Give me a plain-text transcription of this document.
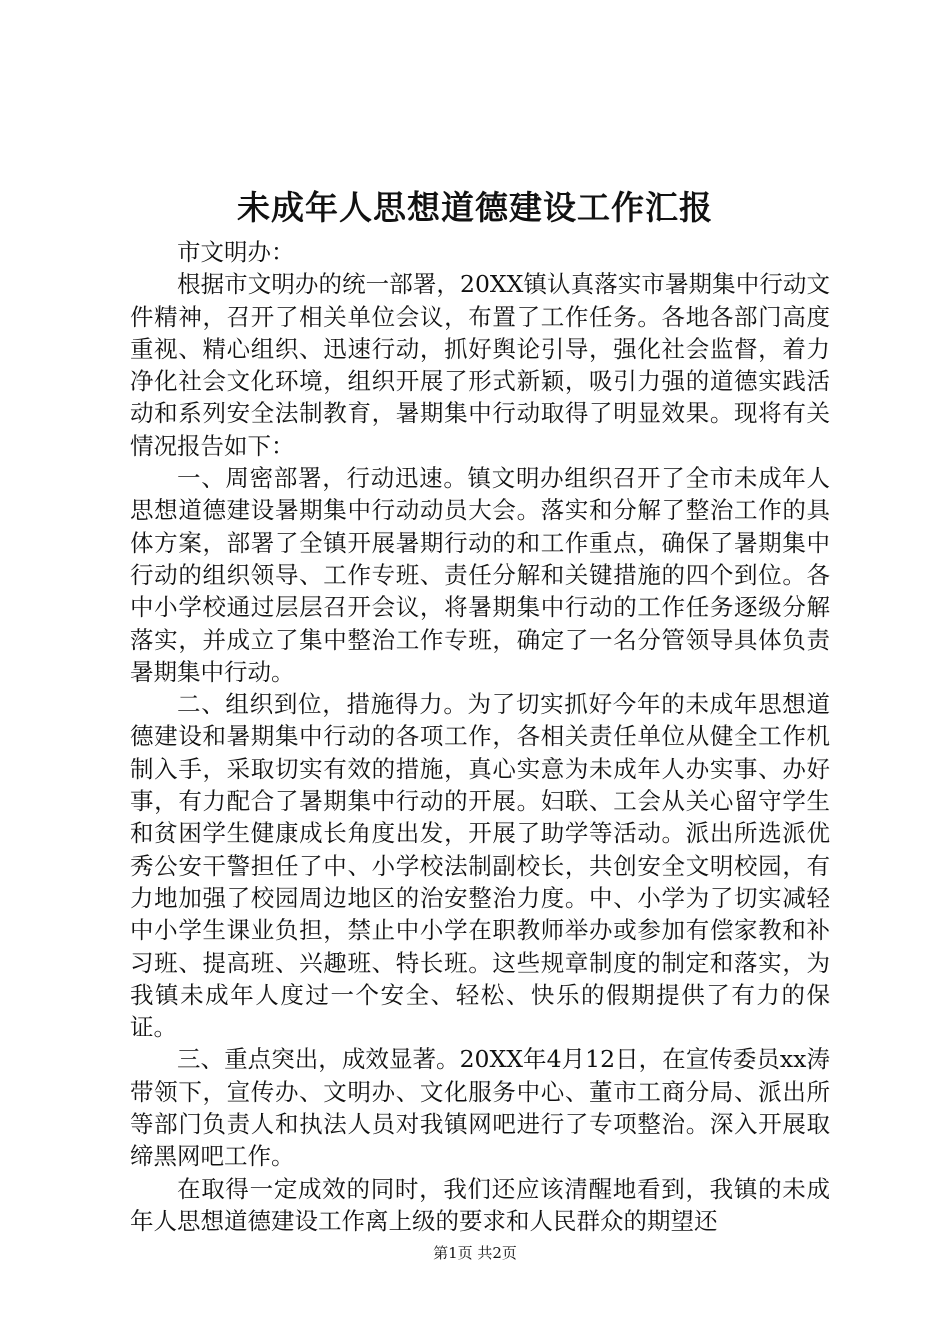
未成年人思想道德建设工作汇报

市文明办：

根据市文明办的统一部署，20XX镇认真落实市暑期集中行动文件精神，召开了相关单位会议，布置了工作任务。各地各部门高度重视、精心组织、迅速行动，抓好舆论引导，强化社会监督，着力净化社会文化环境，组织开展了形式新颖，吸引力强的道德实践活动和系列安全法制教育，暑期集中行动取得了明显效果。现将有关情况报告如下：

一、周密部署，行动迅速。镇文明办组织召开了全市未成年人思想道德建设暑期集中行动动员大会。落实和分解了整治工作的具体方案，部署了全镇开展暑期行动的和工作重点，确保了暑期集中行动的组织领导、工作专班、责任分解和关键措施的四个到位。各中小学校通过层层召开会议，将暑期集中行动的工作任务逐级分解落实，并成立了集中整治工作专班，确定了一名分管领导具体负责暑期集中行动。

二、组织到位，措施得力。为了切实抓好今年的未成年思想道德建设和暑期集中行动的各项工作，各相关责任单位从健全工作机制入手，采取切实有效的措施，真心实意为未成年人办实事、办好事，有力配合了暑期集中行动的开展。妇联、工会从关心留守学生和贫困学生健康成长角度出发，开展了助学等活动。派出所选派优秀公安干警担任了中、小学校法制副校长，共创安全文明校园，有力地加强了校园周边地区的治安整治力度。中、小学为了切实减轻中小学生课业负担，禁止中小学在职教师举办或参加有偿家教和补习班、提高班、兴趣班、特长班。这些规章制度的制定和落实，为我镇未成年人度过一个安全、轻松、快乐的假期提供了有力的保证。

三、重点突出，成效显著。20XX年4月12日，在宣传委员xx涛带领下，宣传办、文明办、文化服务中心、董市工商分局、派出所等部门负责人和执法人员对我镇网吧进行了专项整治。深入开展取缔黑网吧工作。

在取得一定成效的同时，我们还应该清醒地看到，我镇的未成年人思想道德建设工作离上级的要求和人民群众的期望还

第1页 共2页
